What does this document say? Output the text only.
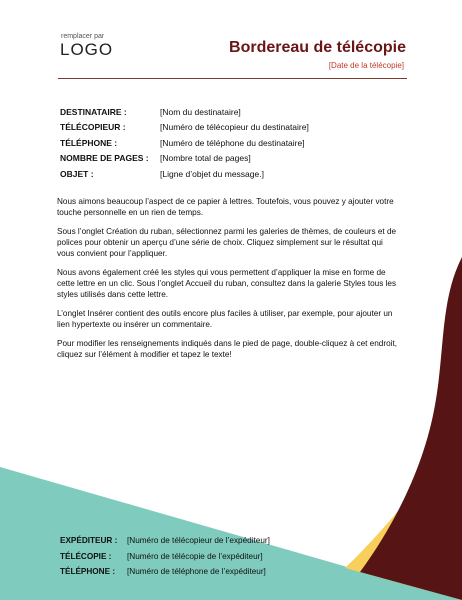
remplacer par
LOGO	Bordereau de télécopie
[Date de la télécopie]
DESTINATAIRE :	[Nom du destinataire]
TÉLÉCOPIEUR :	[Numéro de télécopieur du destinataire]
TÉLÉPHONE :	[Numéro de téléphone du destinataire]
NOMBRE DE PAGES :	[Nombre total de pages]
OBJET :	[Ligne d’objet du message.]

Nous aimons beaucoup l’aspect de ce papier à lettres. Toutefois, vous pouvez y ajouter votre touche personnelle en un rien de temps.

Sous l’onglet Création du ruban, sélectionnez parmi les galeries de thèmes, de couleurs et de polices pour obtenir un aperçu d’une série de choix. Cliquez simplement sur le résultat qui vous convient pour l’appliquer.

Nous avons également créé les styles qui vous permettent d’appliquer la mise en forme de cette lettre en un clic. Sous l’onglet Accueil du ruban, consultez dans la galerie Styles tous les styles utilisés dans cette lettre.

L’onglet Insérer contient des outils encore plus faciles à utiliser, par exemple, pour ajouter un lien hypertexte ou insérer un commentaire.

Pour modifier les renseignements indiqués dans le pied de page, double-cliquez à cet endroit, cliquez sur l’élément à modifier et tapez le texte!

EXPÉDITEUR :	[Numéro de télécopieur de l’expéditeur]
TÉLÉCOPIE :	[Numéro de télécopie de l’expéditeur]
TÉLÉPHONE :	[Numéro de téléphone de l’expéditeur]
